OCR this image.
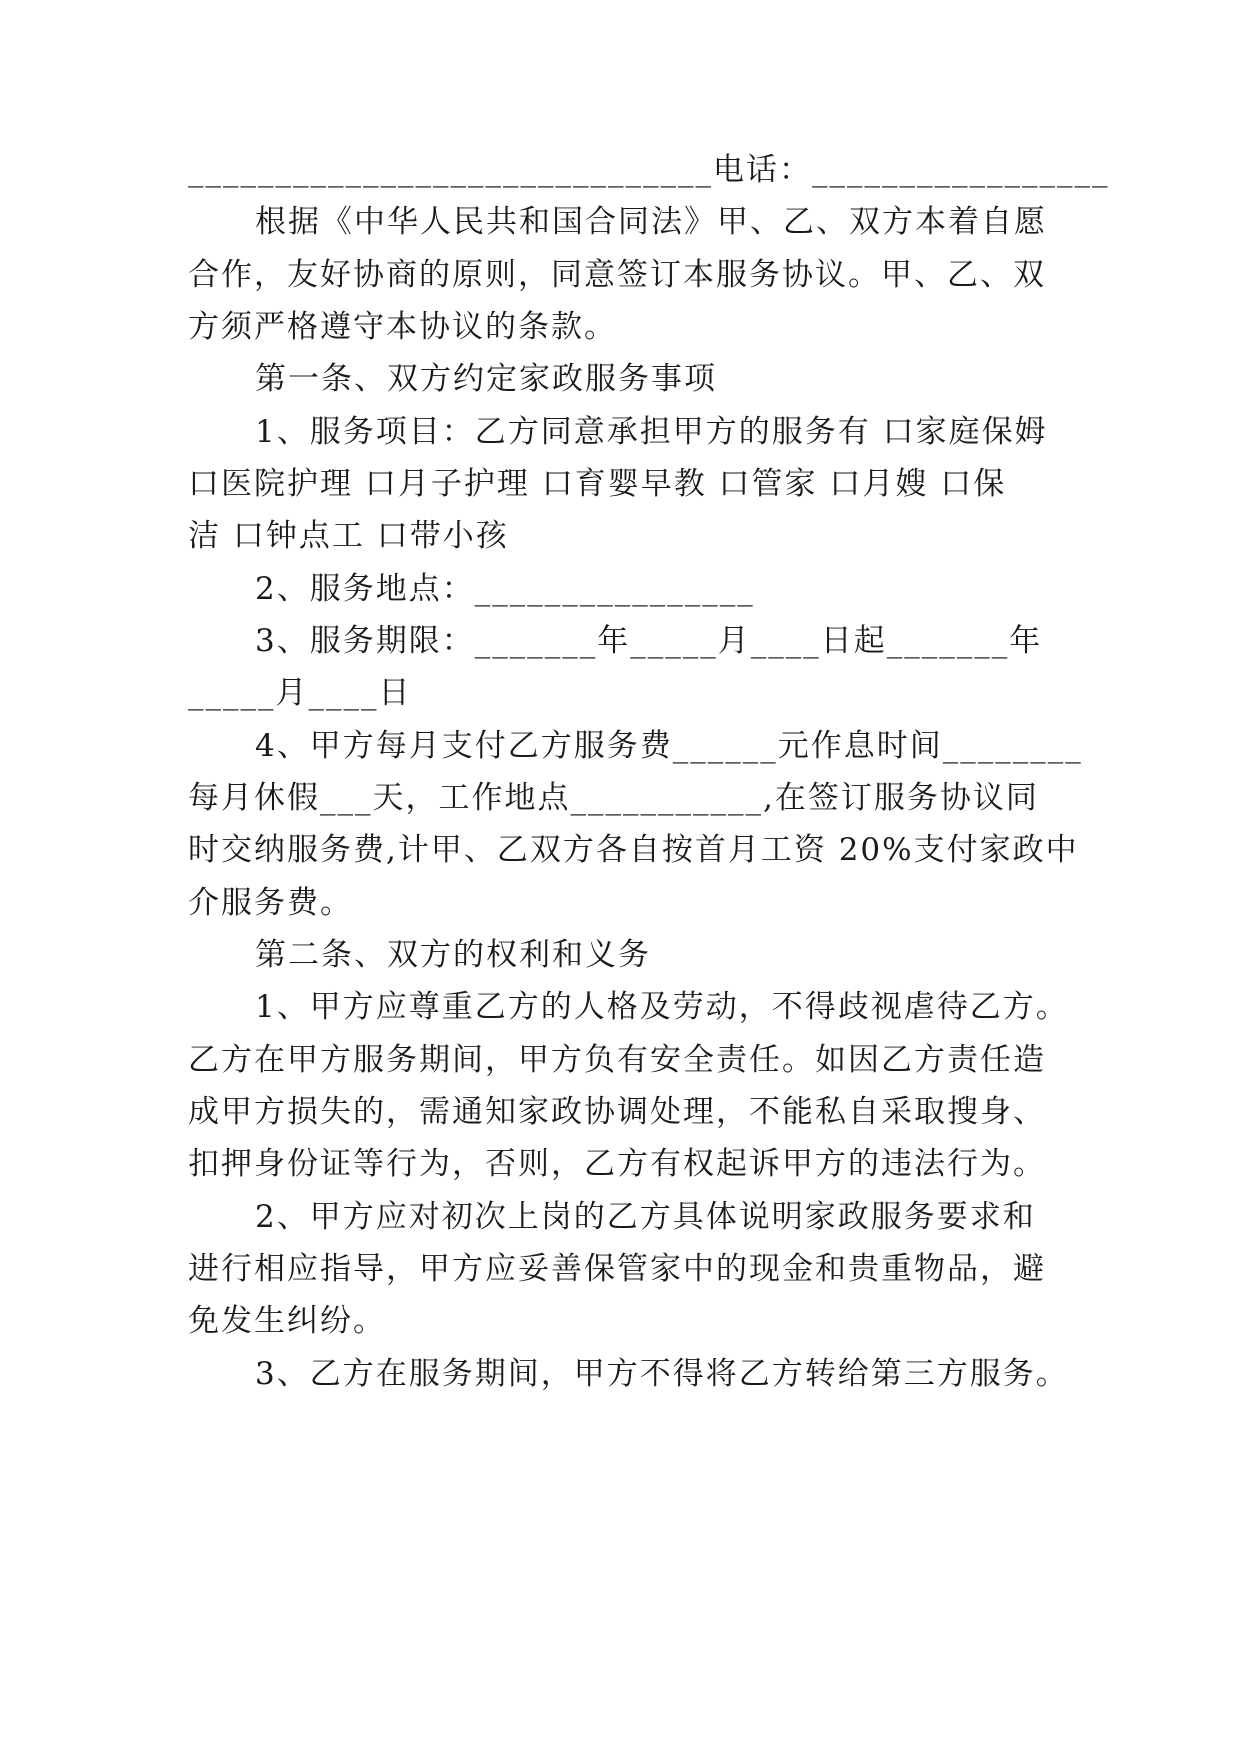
______________________________电话：_________________
根据《中华人民共和国合同法》甲、乙、双方本着自愿
合作，友好协商的原则，同意签订本服务协议。甲、乙、双
方须严格遵守本协议的条款。
第一条、双方约定家政服务事项
1、服务项目：乙方同意承担甲方的服务有 口家庭保姆
口医院护理 口月子护理 口育婴早教 口管家 口月嫂 口保
洁 口钟点工 口带小孩
2、服务地点：________________
3、服务期限：_______年_____月____日起_______年
_____月____日
4、甲方每月支付乙方服务费______元作息时间________
每月休假___天，工作地点___________,在签订服务协议同
时交纳服务费,计甲、乙双方各自按首月工资 20%支付家政中
介服务费。
第二条、双方的权利和义务
1、甲方应尊重乙方的人格及劳动，不得歧视虐待乙方。
乙方在甲方服务期间，甲方负有安全责任。如因乙方责任造
成甲方损失的，需通知家政协调处理，不能私自采取搜身、
扣押身份证等行为，否则，乙方有权起诉甲方的违法行为。
2、甲方应对初次上岗的乙方具体说明家政服务要求和
进行相应指导，甲方应妥善保管家中的现金和贵重物品，避
免发生纠纷。
3、乙方在服务期间，甲方不得将乙方转给第三方服务。
